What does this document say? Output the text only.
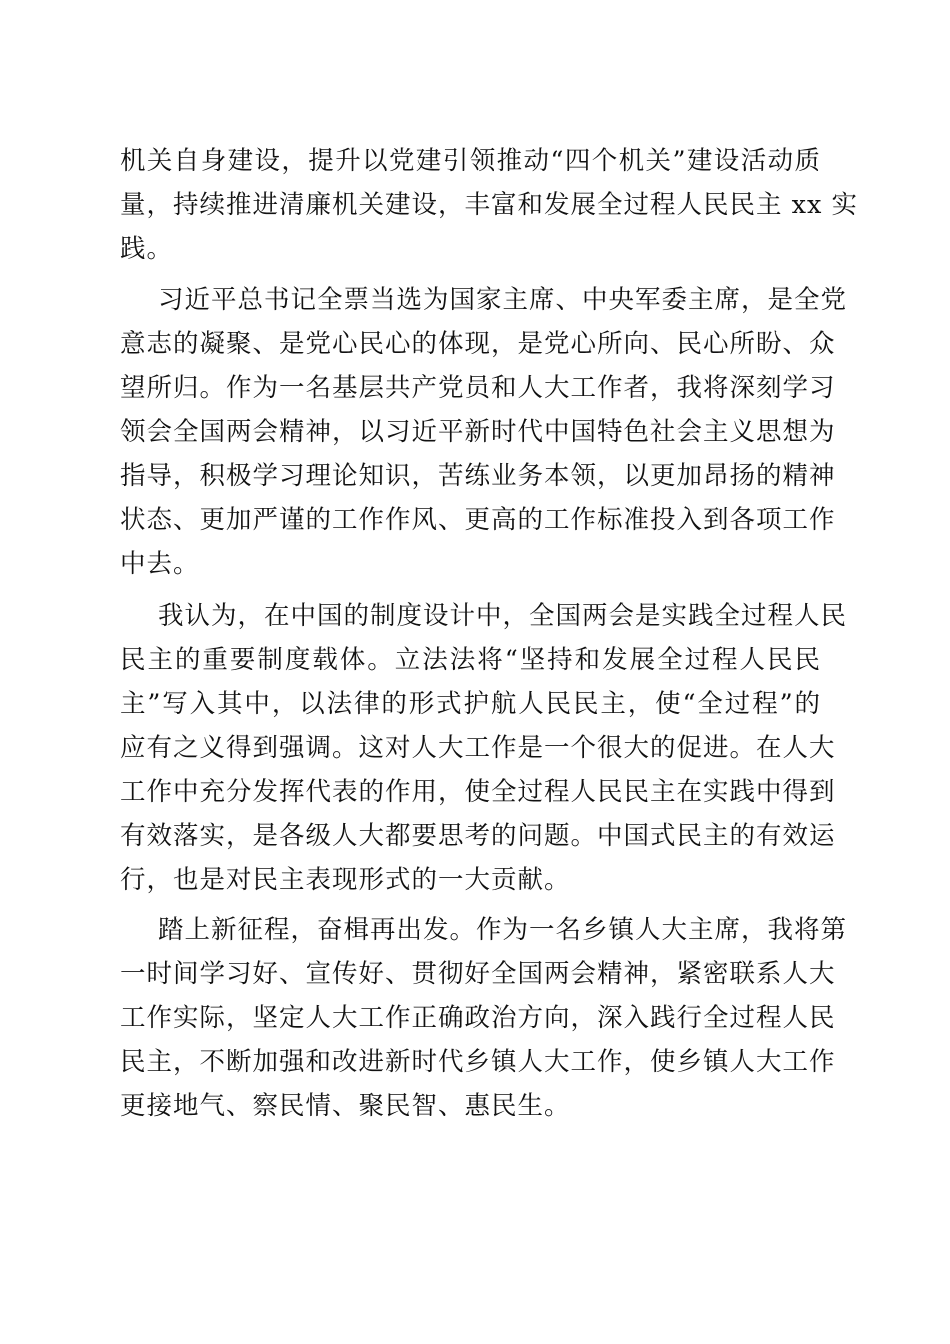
机关自身建设，提升以党建引领推动“四个机关”建设活动质
量，持续推进清廉机关建设，丰富和发展全过程人民民主 xx 实
践。
习近平总书记全票当选为国家主席、中央军委主席，是全党
意志的凝聚、是党心民心的体现，是党心所向、民心所盼、众
望所归。作为一名基层共产党员和人大工作者，我将深刻学习
领会全国两会精神，以习近平新时代中国特色社会主义思想为
指导，积极学习理论知识，苦练业务本领，以更加昂扬的精神
状态、更加严谨的工作作风、更高的工作标准投入到各项工作
中去。
我认为，在中国的制度设计中，全国两会是实践全过程人民
民主的重要制度载体。立法法将“坚持和发展全过程人民民
主”写入其中，以法律的形式护航人民民主，使“全过程”的
应有之义得到强调。这对人大工作是一个很大的促进。在人大
工作中充分发挥代表的作用，使全过程人民民主在实践中得到
有效落实，是各级人大都要思考的问题。中国式民主的有效运
行，也是对民主表现形式的一大贡献。
踏上新征程，奋楫再出发。作为一名乡镇人大主席，我将第
一时间学习好、宣传好、贯彻好全国两会精神，紧密联系人大
工作实际，坚定人大工作正确政治方向，深入践行全过程人民
民主，不断加强和改进新时代乡镇人大工作，使乡镇人大工作
更接地气、察民情、聚民智、惠民生。
